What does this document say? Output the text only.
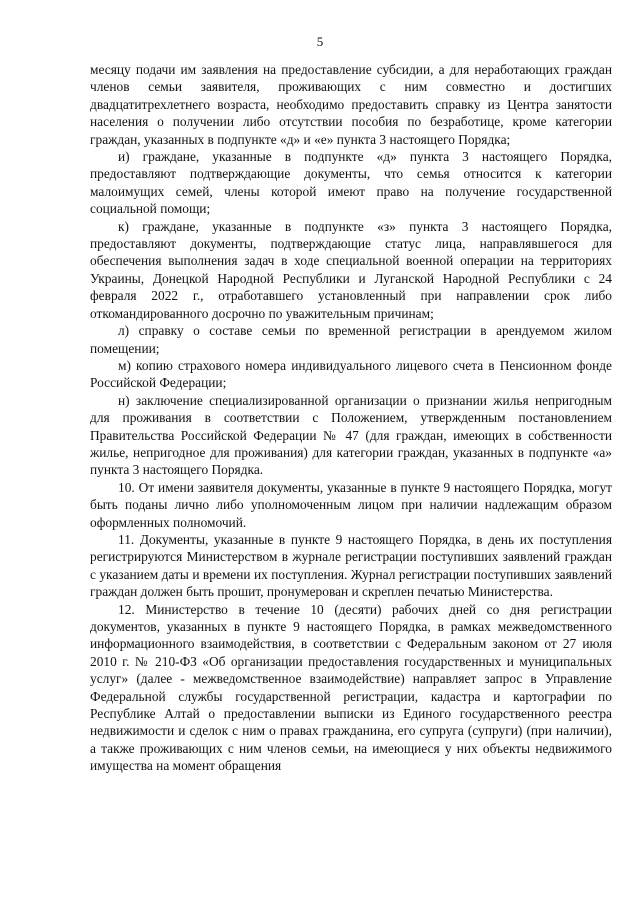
5

месяцу подачи им заявления на предоставление субсидии, а для неработающих граждан членов семьи заявителя, проживающих с ним совместно и достигших двадцатитрехлетнего возраста, необходимо предоставить справку из Центра занятости населения о получении либо отсутствии пособия по безработице, кроме категории граждан, указанных в подпункте «д» и «е» пункта 3 настоящего Порядка;

и) граждане, указанные в подпункте «д» пункта 3 настоящего Порядка, предоставляют подтверждающие документы, что семья относится к категории малоимущих семей, члены которой имеют право на получение государственной социальной помощи;

к) граждане, указанные в подпункте «з» пункта 3 настоящего Порядка, предоставляют документы, подтверждающие статус лица, направлявшегося для обеспечения выполнения задач в ходе специальной военной операции на территориях Украины, Донецкой Народной Республики и Луганской Народной Республики с 24 февраля 2022 г., отработавшего установленный при направлении срок либо откомандированного досрочно по уважительным причинам;

л) справку о составе семьи по временной регистрации в арендуемом жилом помещении;

м) копию страхового номера индивидуального лицевого счета в Пенсионном фонде Российской Федерации;

н) заключение специализированной организации о признании жилья непригодным для проживания в соответствии с Положением, утвержденным постановлением Правительства Российской Федерации № 47 (для граждан, имеющих в собственности жилье, непригодное для проживания) для категории граждан, указанных в подпункте «а» пункта 3 настоящего Порядка.

10. От имени заявителя документы, указанные в пункте 9 настоящего Порядка, могут быть поданы лично либо уполномоченным лицом при наличии надлежащим образом оформленных полномочий.

11. Документы, указанные в пункте 9 настоящего Порядка, в день их поступления регистрируются Министерством в журнале регистрации поступивших заявлений граждан с указанием даты и времени их поступления. Журнал регистрации поступивших заявлений граждан должен быть прошит, пронумерован и скреплен печатью Министерства.

12. Министерство в течение 10 (десяти) рабочих дней со дня регистрации документов, указанных в пункте 9 настоящего Порядка, в рамках межведомственного информационного взаимодействия, в соответствии с Федеральным законом от 27 июля 2010 г. № 210-ФЗ «Об организации предоставления государственных и муниципальных услуг» (далее - межведомственное взаимодействие) направляет запрос в Управление Федеральной службы государственной регистрации, кадастра и картографии по Республике Алтай о предоставлении выписки из Единого государственного реестра недвижимости и сделок с ним о правах гражданина, его супруга (супруги) (при наличии), а также проживающих с ним членов семьи, на имеющиеся у них объекты недвижимого имущества на момент обращения
